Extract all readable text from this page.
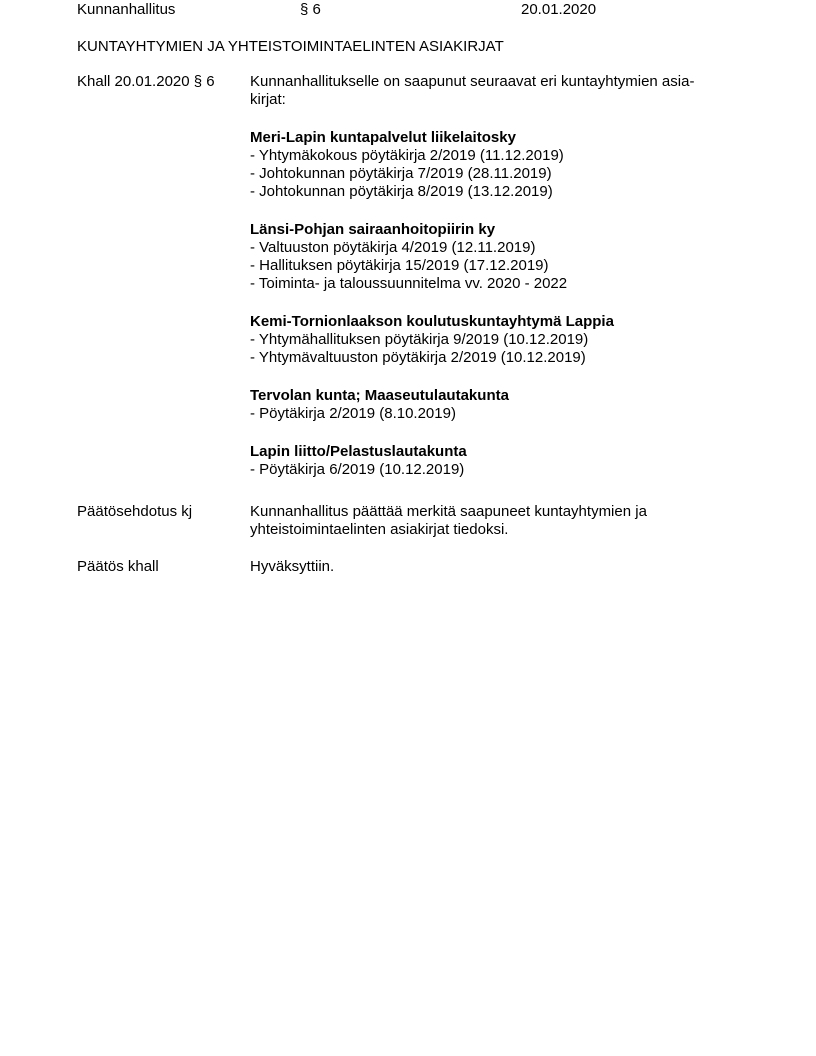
Kunnanhallitus	§ 6	20.01.2020
KUNTAYHTYMIEN JA YHTEISTOIMINTAELINTEN ASIAKIRJAT
Khall 20.01.2020 § 6	Kunnanhallitukselle on saapunut seuraavat eri kuntayhtymien asia-
kirjat:
Meri-Lapin kuntapalvelut liikelaitosky
- Yhtymäkokous pöytäkirja 2/2019 (11.12.2019)
- Johtokunnan pöytäkirja 7/2019 (28.11.2019)
- Johtokunnan pöytäkirja 8/2019 (13.12.2019)
Länsi-Pohjan sairaanhoitopiirin ky
- Valtuuston pöytäkirja 4/2019 (12.11.2019)
- Hallituksen pöytäkirja 15/2019 (17.12.2019)
- Toiminta- ja taloussuunnitelma vv. 2020 - 2022
Kemi-Tornionlaakson koulutuskuntayhtymä Lappia
- Yhtymähallituksen pöytäkirja 9/2019 (10.12.2019)
- Yhtymävaltuuston pöytäkirja 2/2019 (10.12.2019)
Tervolan kunta; Maaseutulautakunta
- Pöytäkirja 2/2019 (8.10.2019)
Lapin liitto/Pelastuslautakunta
- Pöytäkirja 6/2019 (10.12.2019)
Päätösehdotus kj	Kunnanhallitus päättää merkitä saapuneet kuntayhtymien ja
yhteistoimintaelinten asiakirjat tiedoksi.
Päätös khall	Hyväksyttiin.
